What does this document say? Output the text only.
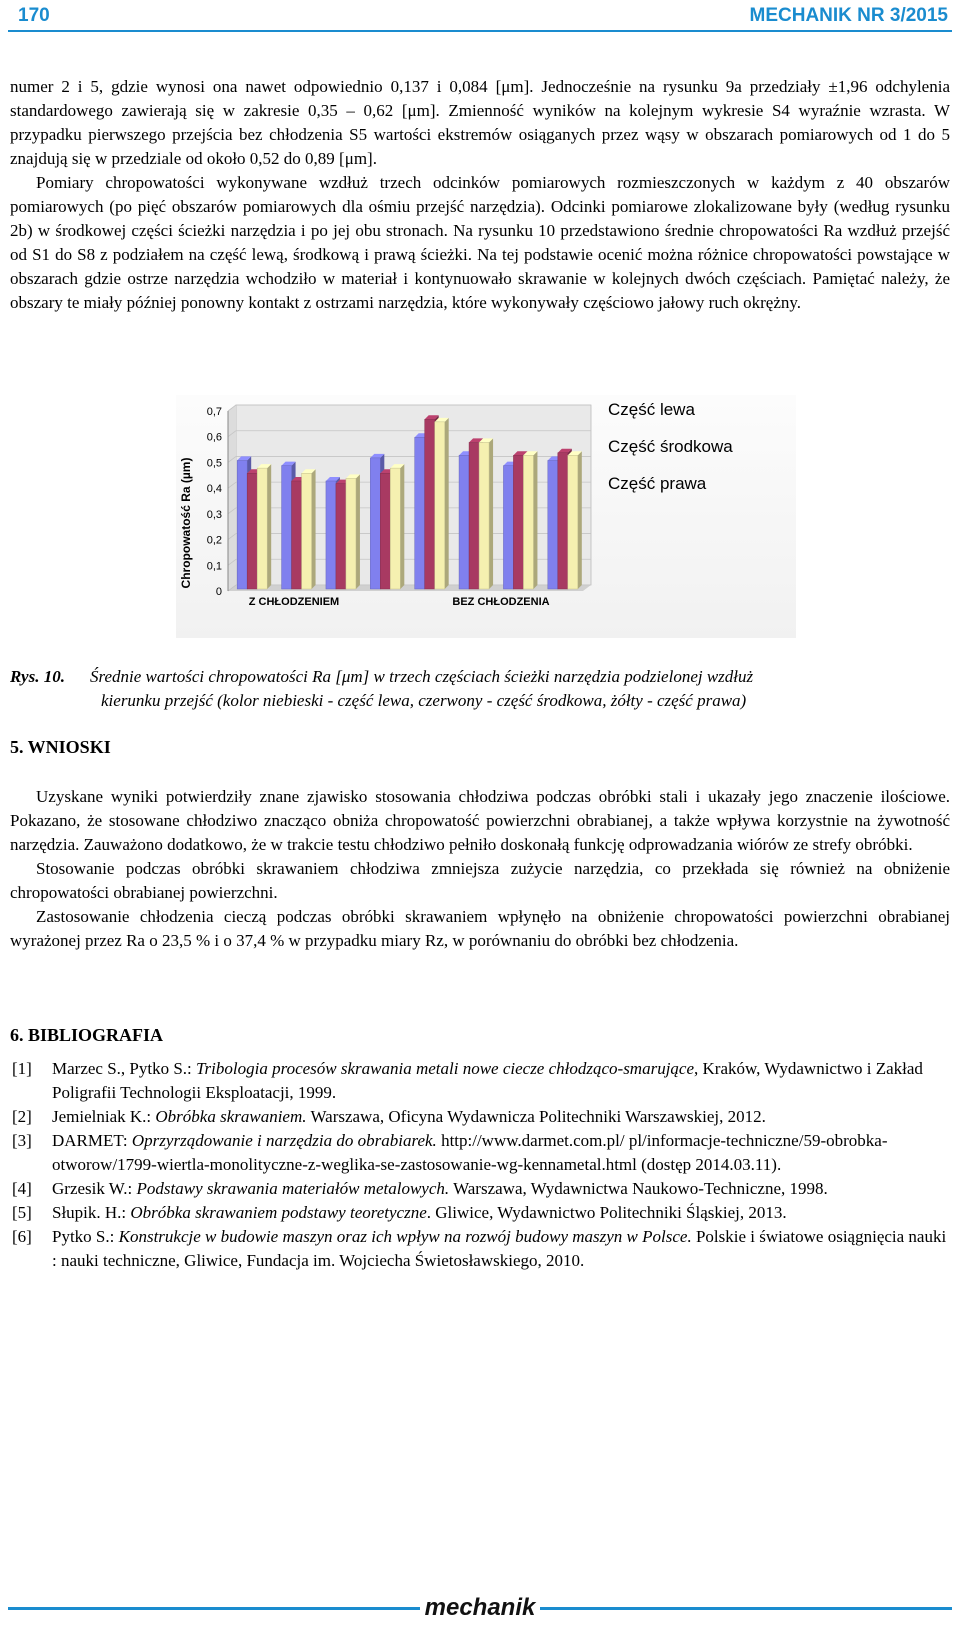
170	MECHANIK NR 3/2015

numer 2 i 5, gdzie wynosi ona nawet odpowiednio 0,137 i 0,084 [μm]. Jednocześnie na rysunku 9a przedziały ±1,96 odchylenia standardowego zawierają się w zakresie 0,35 – 0,62 [μm]. Zmienność wyników na kolejnym wykresie S4 wyraźnie wzrasta. W przypadku pierwszego przejścia bez chłodzenia S5 wartości ekstremów osiąganych przez wąsy w obszarach pomiarowych od 1 do 5 znajdują się w przedziale od około 0,52 do 0,89 [μm].

Pomiary chropowatości wykonywane wzdłuż trzech odcinków pomiarowych rozmieszczonych w każdym z 40 obszarów pomiarowych (po pięć obszarów pomiarowych dla ośmiu przejść narzędzia). Odcinki pomiarowe zlokalizowane były (według rysunku 2b) w środkowej części ścieżki narzędzia i po jej obu stronach. Na rysunku 10 przedstawiono średnie chropowatości Ra wzdłuż przejść od S1 do S8 z podziałem na część lewą, środkową i prawą ścieżki. Na tej podstawie ocenić można różnice chropowatości powstające w obszarach gdzie ostrze narzędzia wchodziło w materiał i kontynuowało skrawanie w kolejnych dwóch częściach. Pamiętać należy, że obszary te miały później ponowny kontakt z ostrzami narzędzia, które wykonywały częściowo jałowy ruch okrężny.

0
0,1
0,2
0,3
0,4
0,5
0,6
0,7
Chropowatość Ra (µm)
Z CHŁODZENIEM	BEZ CHŁODZENIA
Część lewa
Część środkowa
Część prawa
Rys. 10. Średnie wartości chropowatości Ra [μm] w trzech częściach ścieżki narzędzia podzielonej wzdłuż
kierunku przejść (kolor niebieski - część lewa, czerwony - część środkowa, żółty - część prawa)
5. WNIOSKI

Uzyskane wyniki potwierdziły znane zjawisko stosowania chłodziwa podczas obróbki stali i ukazały jego znaczenie ilościowe. Pokazano, że stosowane chłodziwo znacząco obniża chropowatość powierzchni obrabianej, a także wpływa korzystnie na żywotność narzędzia. Zauważono dodatkowo, że w trakcie testu chłodziwo pełniło doskonałą funkcję odprowadzania wiórów ze strefy obróbki.

Stosowanie podczas obróbki skrawaniem chłodziwa zmniejsza zużycie narzędzia, co przekłada się również na obniżenie chropowatości obrabianej powierzchni.

Zastosowanie chłodzenia cieczą podczas obróbki skrawaniem wpłynęło na obniżenie chropowatości powierzchni obrabianej wyrażonej przez Ra o 23,5 % i o 37,4 % w przypadku miary Rz, w porównaniu do obróbki bez chłodzenia.

6. BIBLIOGRAFIA
[1] Marzec S., Pytko S.: Tribologia procesów skrawania metali nowe ciecze chłodząco-smarujące, Kraków, Wydawnictwo i Zakład Poligrafii Technologii Eksploatacji, 1999.
[2] Jemielniak K.: Obróbka skrawaniem. Warszawa, Oficyna Wydawnicza Politechniki Warszawskiej, 2012.
[3] DARMET: Oprzyrządowanie i narzędzia do obrabiarek. http://www.darmet.com.pl/ pl/informacje-techniczne/59-obrobka-otworow/1799-wiertla-monolityczne-z-weglika-se-zastosowanie-wg-kennametal.html (dostęp 2014.03.11).
[4] Grzesik W.: Podstawy skrawania materiałów metalowych. Warszawa, Wydawnictwa Naukowo-Techniczne, 1998.
[5] Słupik. H.: Obróbka skrawaniem podstawy teoretyczne. Gliwice, Wydawnictwo Politechniki Śląskiej, 2013.
[6] Pytko S.: Konstrukcje w budowie maszyn oraz ich wpływ na rozwój budowy maszyn w Polsce. Polskie i światowe osiągnięcia nauki : nauki techniczne, Gliwice, Fundacja im. Wojciecha Świetosławskiego, 2010.
mechanik
